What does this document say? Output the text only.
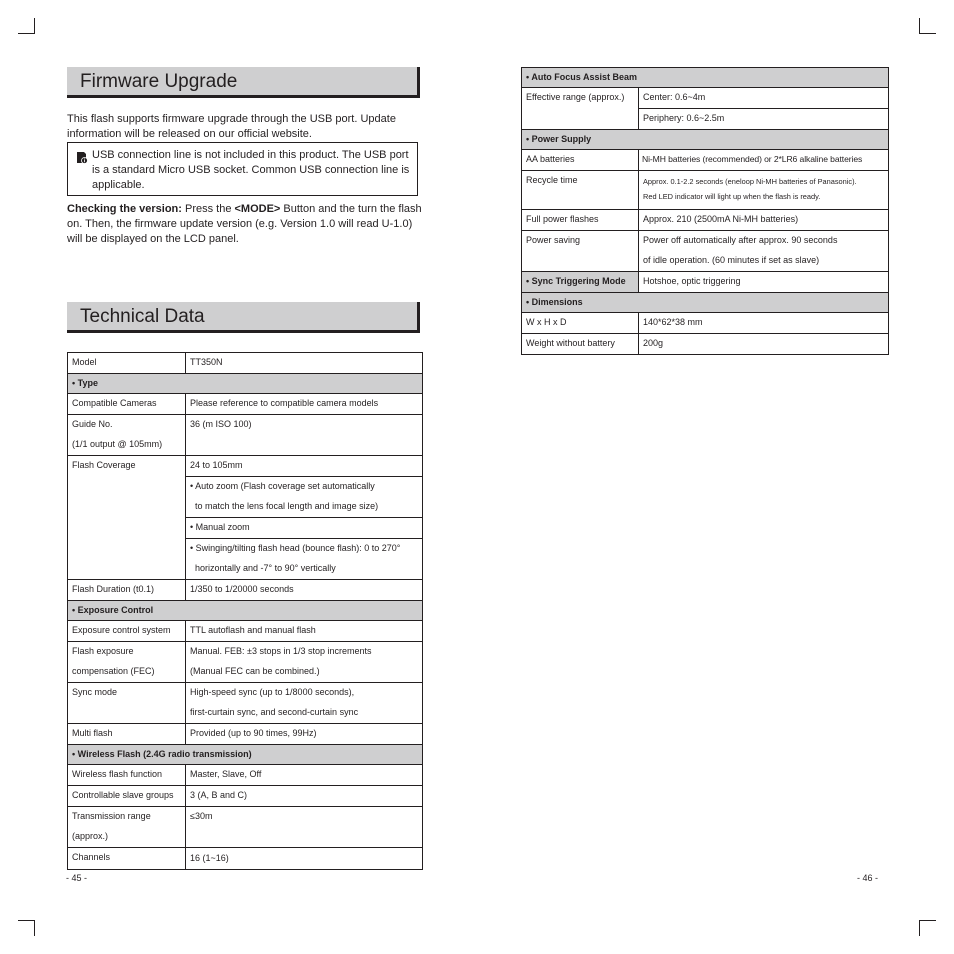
Firmware Upgrade

This flash supports firmware upgrade through the USB port. Update information will be released on our official website.

USB connection line is not included in this product. The USB port is a standard Micro USB socket. Common USB connection line is applicable.

Checking the version: Press the <MODE> Button and the turn the flash on. Then, the firmware update version (e.g. Version 1.0 will read U-1.0) will be displayed on the LCD panel.

Technical Data
Model	TT350N

• Type	

Compatible Cameras	Please reference to compatible camera models

Guide No.
(1/1 output @ 105mm)	36 (m ISO 100)

Flash Coverage	24 to 105mm

	• Auto zoom (Flash coverage set automatically
to match the lens focal length and image size)

	• Manual zoom

	• Swinging/tilting flash head (bounce flash): 0 to 270°
horizontally and -7° to 90° vertically

Flash Duration (t0.1)	1/350 to 1/20000 seconds

• Exposure Control	

Exposure control system	TTL autoflash and manual flash

Flash exposure
compensation (FEC)	Manual. FEB: ±3 stops in 1/3 stop increments
(Manual FEC can be combined.)

Sync mode	High-speed sync (up to 1/8000 seconds),
first-curtain sync, and second-curtain sync

Multi flash	Provided (up to 90 times, 99Hz)

• Wireless Flash (2.4G radio transmission)	

Wireless flash function	Master, Slave, Off

Controllable slave groups	3 (A, B and C)

Transmission range
(approx.)	≤30m

Channels	16 (1~16)
- 45 -
• Auto Focus Assist Beam	

Effective range (approx.)	Center: 0.6~4m

	Periphery: 0.6~2.5m

• Power Supply	

AA batteries	Ni-MH batteries (recommended) or 2*LR6 alkaline batteries

Recycle time	Approx. 0.1-2.2 seconds (eneloop Ni-MH batteries of Panasonic).
Red LED indicator will light up when the flash is ready.

Full power flashes	Approx. 210 (2500mA Ni-MH batteries)

Power saving	Power off automatically after approx. 90 seconds
of idle operation. (60 minutes if set as slave)

• Sync Triggering Mode	Hotshoe, optic triggering

• Dimensions	

W x H x D	140*62*38 mm

Weight without battery	200g
- 46 -
